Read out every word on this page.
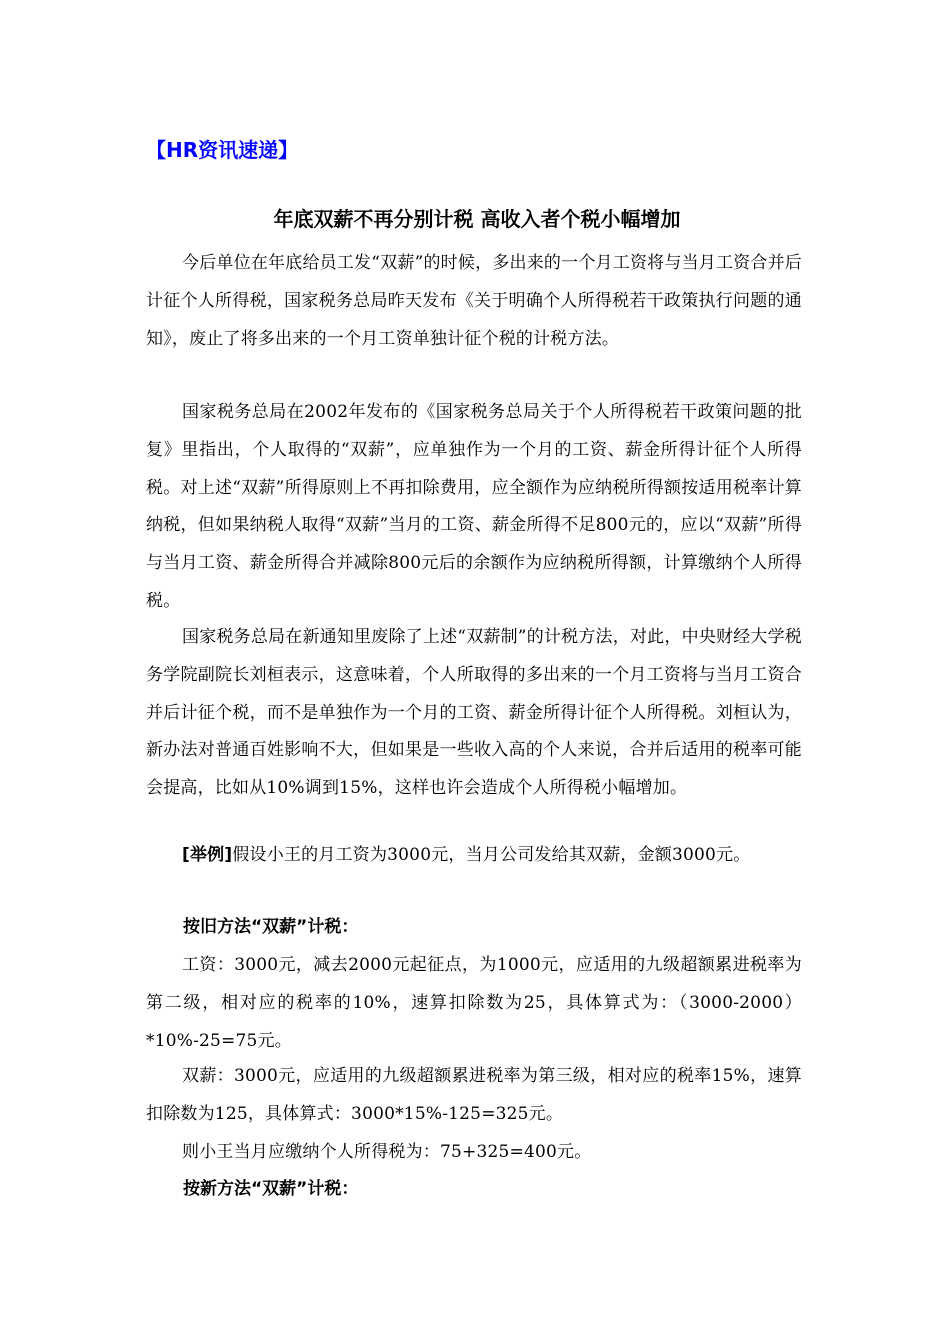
【HR资讯速递】
年底双薪不再分别计税 高收入者个税小幅增加

今后单位在年底给员工发“双薪”的时候，多出来的一个月工资将与当月工资合并后计征个人所得税，国家税务总局昨天发布《关于明确个人所得税若干政策执行问题的通知》，废止了将多出来的一个月工资单独计征个税的计税方法。

国家税务总局在2002年发布的《国家税务总局关于个人所得税若干政策问题的批复》里指出，个人取得的“双薪”，应单独作为一个月的工资、薪金所得计征个人所得税。对上述“双薪”所得原则上不再扣除费用，应全额作为应纳税所得额按适用税率计算纳税，但如果纳税人取得“双薪”当月的工资、薪金所得不足800元的，应以“双薪”所得与当月工资、薪金所得合并减除800元后的余额作为应纳税所得额，计算缴纳个人所得税。

国家税务总局在新通知里废除了上述“双薪制”的计税方法，对此，中央财经大学税务学院副院长刘桓表示，这意味着，个人所取得的多出来的一个月工资将与当月工资合并后计征个税，而不是单独作为一个月的工资、薪金所得计征个人所得税。刘桓认为，新办法对普通百姓影响不大，但如果是一些收入高的个人来说，合并后适用的税率可能会提高，比如从10%调到15%，这样也许会造成个人所得税小幅增加。

[举例]假设小王的月工资为3000元，当月公司发给其双薪，金额3000元。

按旧方法“双薪”计税：

工资：3000元，减去2000元起征点，为1000元，应适用的九级超额累进税率为第二级，相对应的税率的10%，速算扣除数为25，具体算式为：（3000-2000）*10%-25=75元。

双薪：3000元，应适用的九级超额累进税率为第三级，相对应的税率15%，速算扣除数为125，具体算式：3000*15%-125=325元。

则小王当月应缴纳个人所得税为：75+325=400元。

按新方法“双薪”计税：
